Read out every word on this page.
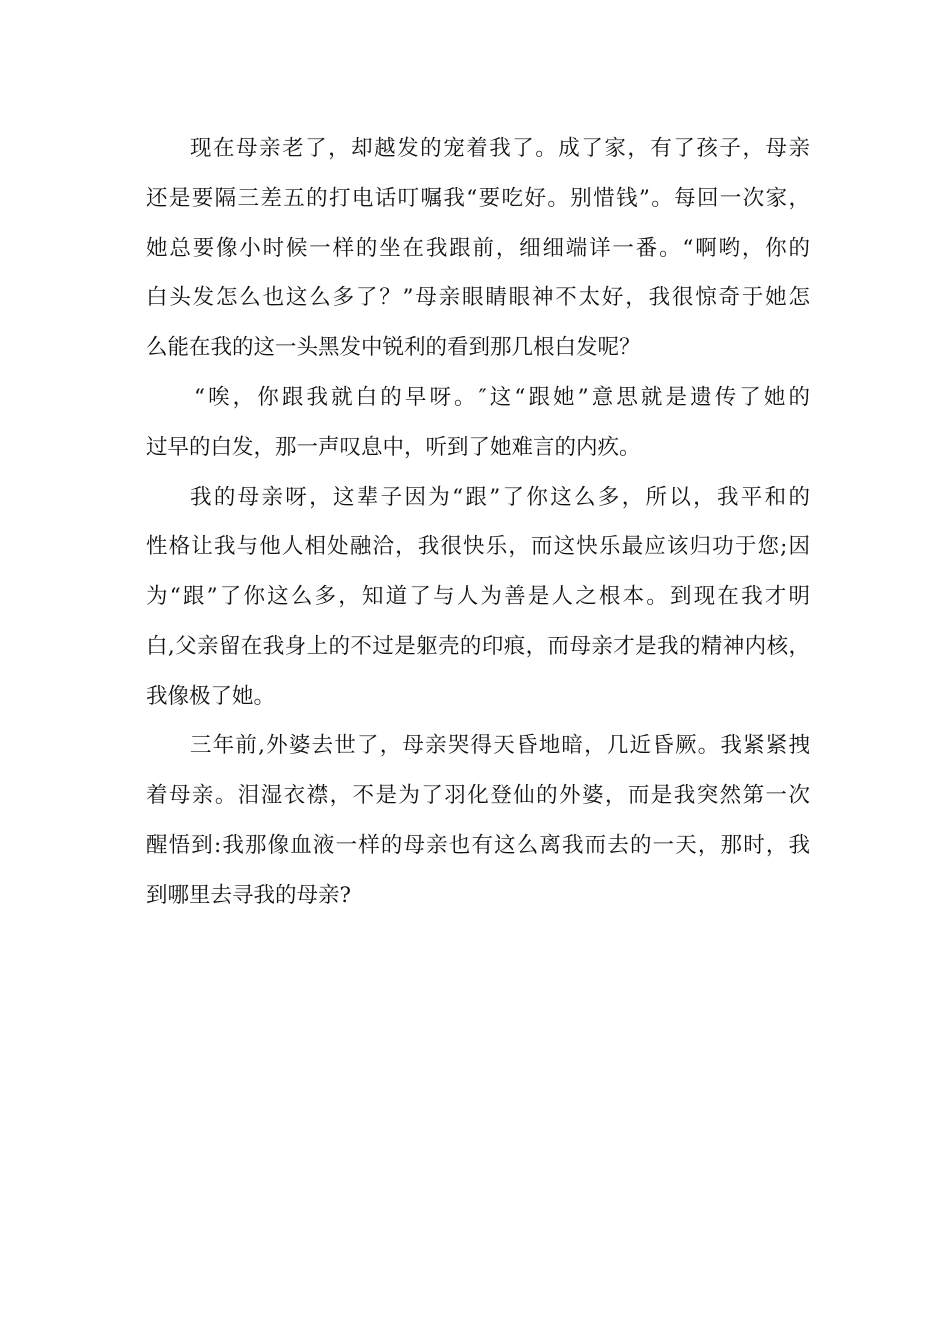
现在母亲老了，却越发的宠着我了。成了家，有了孩子，母亲
还是要隔三差五的打电话叮嘱我“要吃好。别惜钱”。每回一次家，
她总要像小时候一样的坐在我跟前，细细端详一番。“啊哟，你的
白头发怎么也这么多了？”母亲眼睛眼神不太好，我很惊奇于她怎
么能在我的这一头黑发中锐利的看到那几根白发呢？
“唉，你跟我就白的早呀。″这“跟她”意思就是遗传了她的
过早的白发，那一声叹息中，听到了她难言的内疚。
我的母亲呀，这辈子因为“跟”了你这么多，所以，我平和的
性格让我与他人相处融洽，我很快乐，而这快乐最应该归功于您;因
为“跟”了你这么多，知道了与人为善是人之根本。到现在我才明
白,父亲留在我身上的不过是躯壳的印痕，而母亲才是我的精神内核，
我像极了她。
三年前,外婆去世了，母亲哭得天昏地暗，几近昏厥。我紧紧拽
着母亲。泪湿衣襟，不是为了羽化登仙的外婆，而是我突然第一次
醒悟到:我那像血液一样的母亲也有这么离我而去的一天，那时，我
到哪里去寻我的母亲?
